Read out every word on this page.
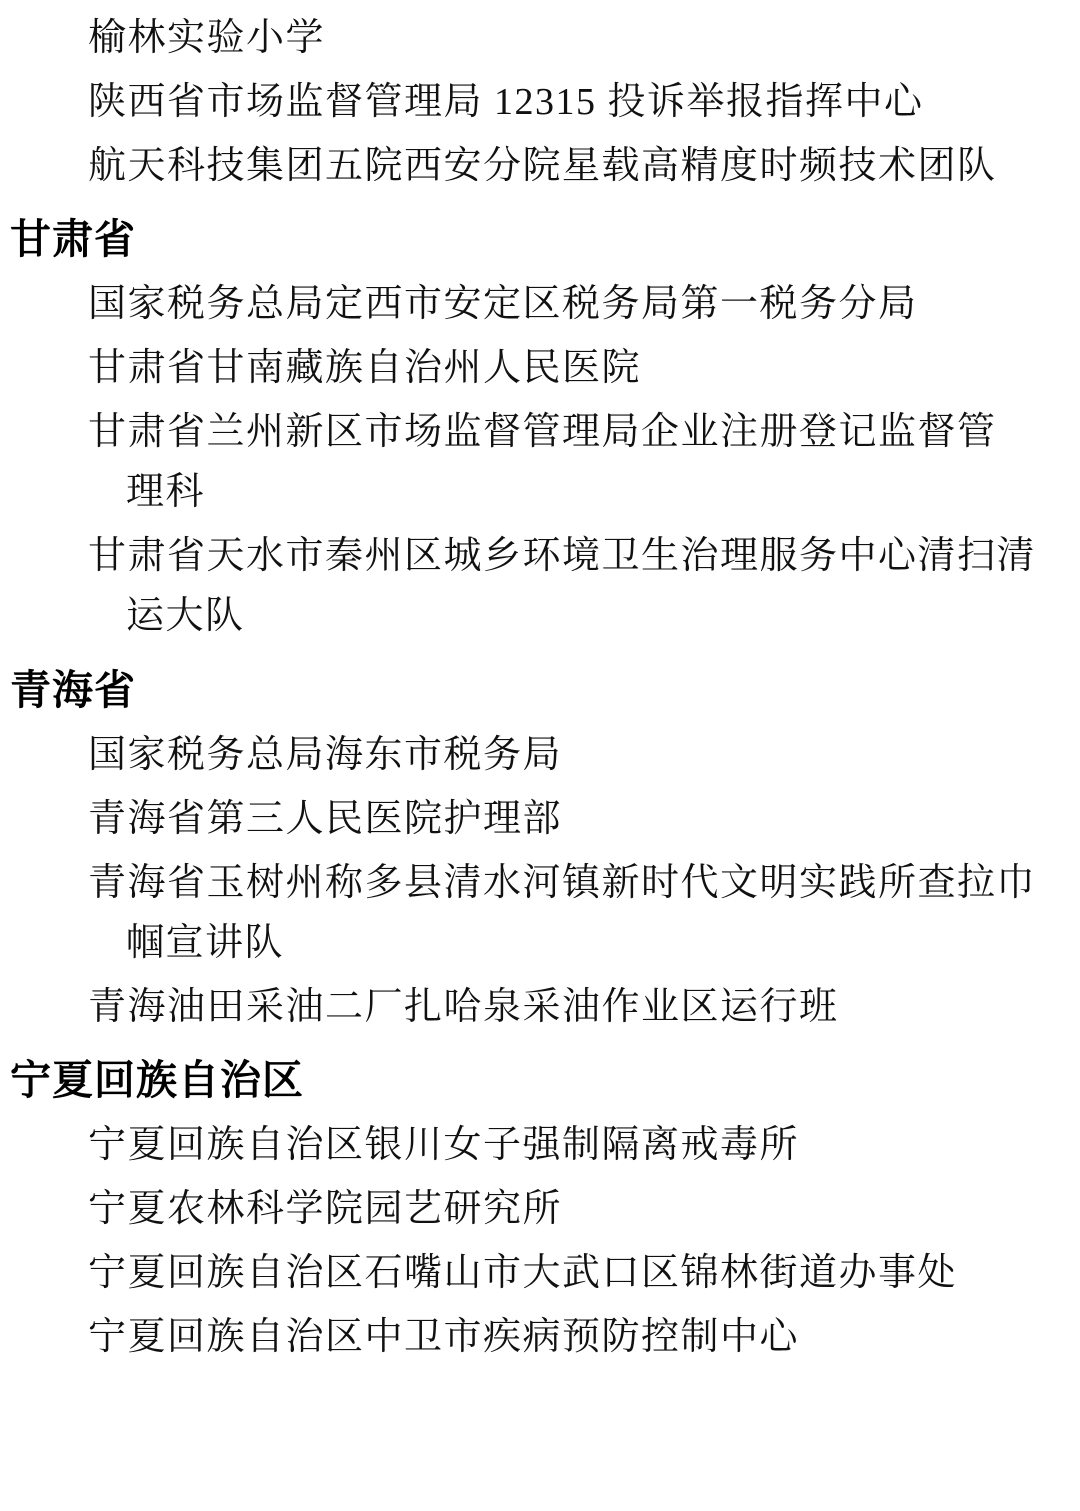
榆林实验小学

陕西省市场监督管理局 12315 投诉举报指挥中心

航天科技集团五院西安分院星载高精度时频技术团队

甘肃省

国家税务总局定西市安定区税务局第一税务分局

甘肃省甘南藏族自治州人民医院

甘肃省兰州新区市场监督管理局企业注册登记监督管
理科

甘肃省天水市秦州区城乡环境卫生治理服务中心清扫清
运大队

青海省

国家税务总局海东市税务局

青海省第三人民医院护理部

青海省玉树州称多县清水河镇新时代文明实践所查拉巾
帼宣讲队

青海油田采油二厂扎哈泉采油作业区运行班

宁夏回族自治区

宁夏回族自治区银川女子强制隔离戒毒所

宁夏农林科学院园艺研究所

宁夏回族自治区石嘴山市大武口区锦林街道办事处

宁夏回族自治区中卫市疾病预防控制中心
